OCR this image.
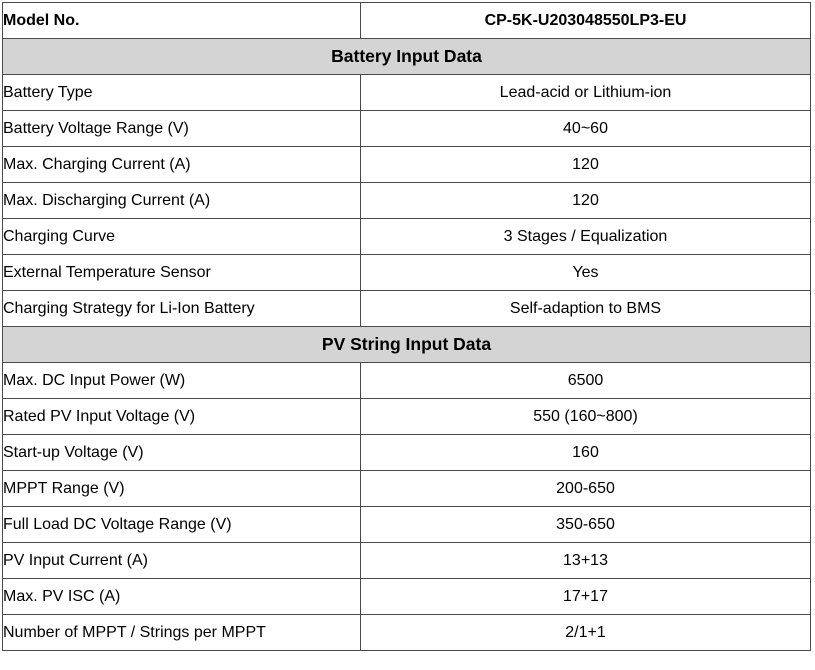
Model No.	CP-5K-U203048550LP3-EU
Battery Input Data	
Battery Type	Lead-acid or Lithium-ion
Battery Voltage Range (V)	40~60
Max. Charging Current (A)	120
Max. Discharging Current (A)	120
Charging Curve	3 Stages / Equalization
External Temperature Sensor	Yes
Charging Strategy for Li-Ion Battery	Self-adaption to BMS
PV String Input Data	
Max. DC Input Power (W)	6500
Rated PV Input Voltage (V)	550 (160~800)
Start-up Voltage (V)	160
MPPT Range (V)	200-650
Full Load DC Voltage Range (V)	350-650
PV Input Current (A)	13+13
Max. PV ISC (A)	17+17
Number of MPPT / Strings per MPPT	2/1+1
